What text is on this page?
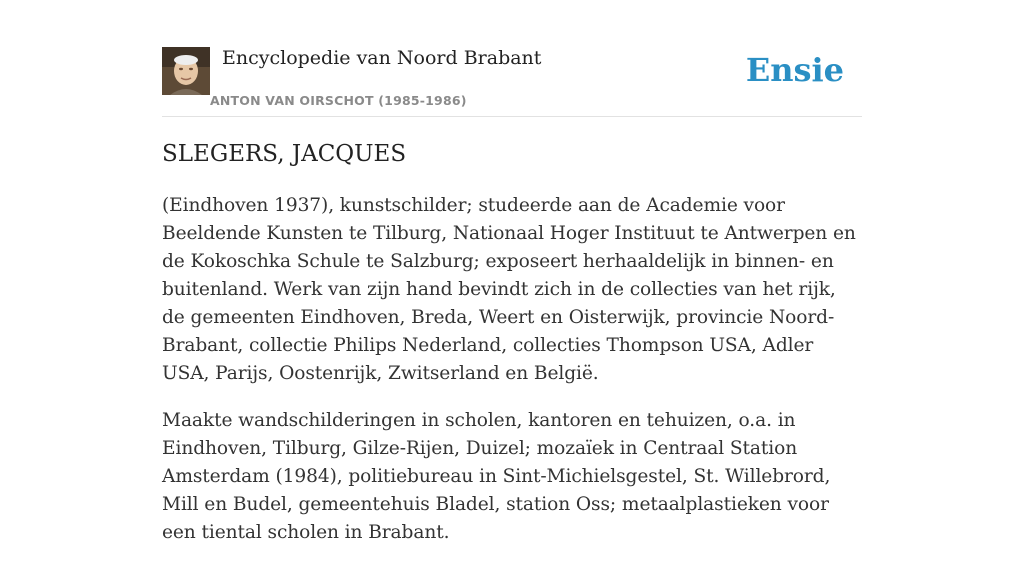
Encyclopedie van Noord Brabant
ANTON VAN OIRSCHOT (1985-1986)
Ensie
SLEGERS, JACQUES

(Eindhoven 1937), kunstschilder; studeerde aan de Academie voor Beeldende Kunsten te Tilburg, Nationaal Hoger Instituut te Antwerpen en de Kokoschka Schule te Salzburg; exposeert herhaaldelijk in binnen- en buitenland. Werk van zijn hand bevindt zich in de collecties van het rijk, de gemeenten Eindhoven, Breda, Weert en Oisterwijk, provincie Noord-Brabant, collectie Philips Nederland, collecties Thompson USA, Adler USA, Parijs, Oostenrijk, Zwitserland en België.

Maakte wandschilderingen in scholen, kantoren en tehuizen, o.a. in Eindhoven, Tilburg, Gilze-Rijen, Duizel; mozaïek in Centraal Station Amsterdam (1984), politiebureau in Sint-Michielsgestel, St. Willebrord, Mill en Budel, gemeentehuis Bladel, station Oss; metaalplastieken voor een tiental scholen in Brabant.
